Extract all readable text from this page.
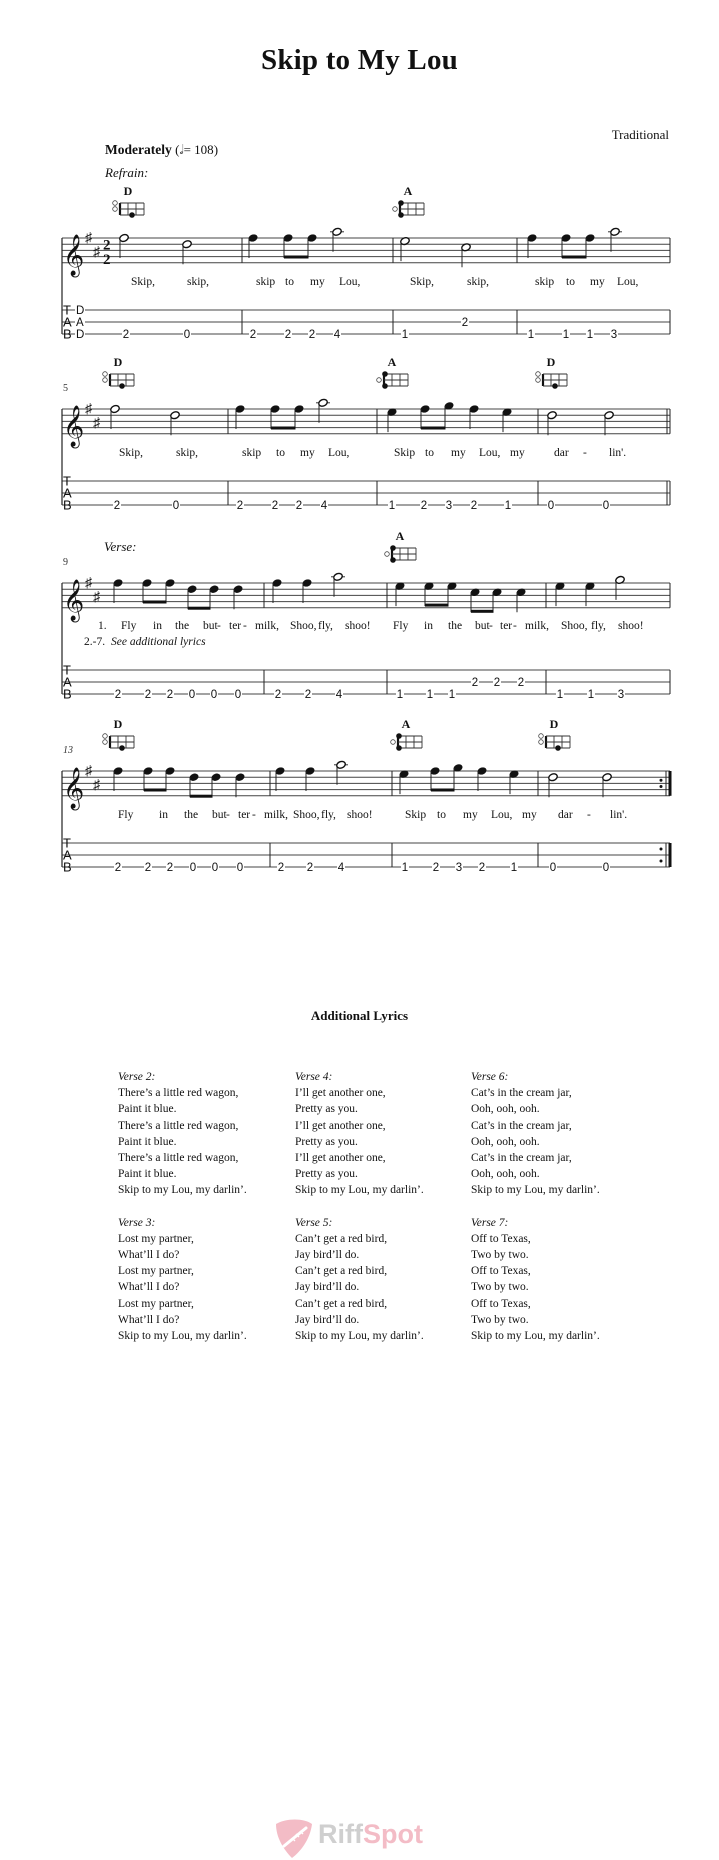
Skip to My Lou
Traditional
Moderately (𝅗𝅥= 108)
𝄞 ♯
♯ 2
2
T
A
B
D
A
D
Refrain:
D	A
Skip,	skip,	skip to my Lou,	Skip,	skip,	skip to my Lou,
2	0	2 2 2 4	1
2
1 1 1 3
𝄞 ♯
♯
T
A
B
5
D	A	D
Skip,	skip,	skip to my Lou,	Skip to my Lou, my	dar - lin'.
2	0	2 2 2 4	1 2 3 2 1	0	0
𝄞 ♯
♯
T
A
B
9
Verse:
A
1. Fly in the but - ter - milk, Shoo, fly, shoo! Fly in the but - ter - milk, Shoo, fly, shoo!
2.-7. See additional lyrics
2 2 2 0 0 0	2 2 4	1 1 1
2 2 2
1 1 3
𝄞 ♯
♯
T
A
B
13
D	A	D
Fly in the but - ter - milk, Shoo, fly, shoo!	Skip to my Lou, my dar - lin'.
2 2 2 0 0 0	2 2 4	1 2 3 2 1	0	0
Additional Lyrics
Verse 2:
There’s a little red wagon,
Paint it blue.
There’s a little red wagon,
Paint it blue.
There’s a little red wagon,
Paint it blue.
Skip to my Lou, my darlin’.
Verse 3:
Lost my partner,
What’ll I do?
Lost my partner,
What’ll I do?
Lost my partner,
What’ll I do?
Skip to my Lou, my darlin’.
Verse 4:
I’ll get another one,
Pretty as you.
I’ll get another one,
Pretty as you.
I’ll get another one,
Pretty as you.
Skip to my Lou, my darlin’.
Verse 5:
Can’t get a red bird,
Jay bird’ll do.
Can’t get a red bird,
Jay bird’ll do.
Can’t get a red bird,
Jay bird’ll do.
Skip to my Lou, my darlin’.
Verse 6:
Cat’s in the cream jar,
Ooh, ooh, ooh.
Cat’s in the cream jar,
Ooh, ooh, ooh.
Cat’s in the cream jar,
Ooh, ooh, ooh.
Skip to my Lou, my darlin’.
Verse 7:
Off to Texas,
Two by two.
Off to Texas,
Two by two.
Off to Texas,
Two by two.
Skip to my Lou, my darlin’.
RiffSpot
